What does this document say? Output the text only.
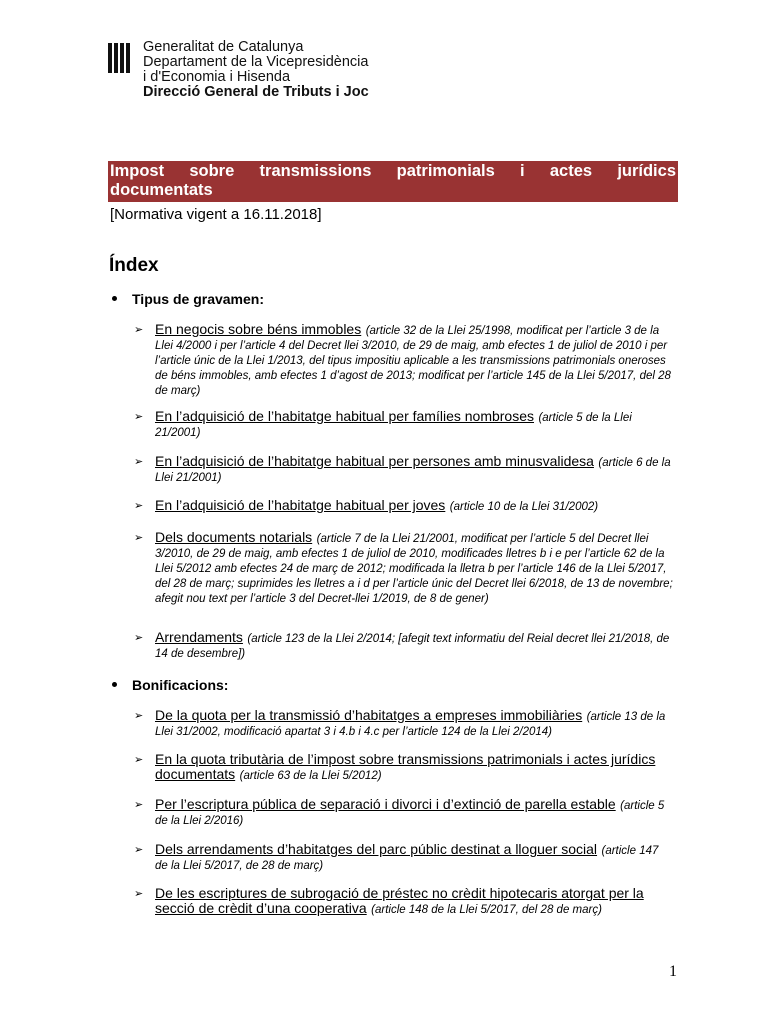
Generalitat de Catalunya
Departament de la Vicepresidència
i d'Economia i Hisenda
Direcció General de Tributs i Joc
Impost sobre transmissions patrimonials i actes jurídics
documentats
[Normativa vigent a 16.11.2018]
Índex
Tipus de gravamen:
➢ En negocis sobre béns immobles (article 32 de la Llei 25/1998, modificat per l’article 3 de la Llei 4/2000 i per l’article 4 del Decret llei 3/2010, de 29 de maig, amb efectes 1 de juliol de 2010 i per l’article únic de la Llei 1/2013, del tipus impositiu aplicable a les transmissions patrimonials oneroses de béns immobles, amb efectes 1 d’agost de 2013; modificat per l’article 145 de la Llei 5/2017, del 28 de març)
➢ En l’adquisició de l’habitatge habitual per famílies nombroses (article 5 de la Llei 21/2001)
➢ En l’adquisició de l’habitatge habitual per persones amb minusvalidesa (article 6 de la Llei 21/2001)
➢ En l’adquisició de l’habitatge habitual per joves (article 10 de la Llei 31/2002)
➢ Dels documents notarials (article 7 de la Llei 21/2001, modificat per l’article 5 del Decret llei 3/2010, de 29 de maig, amb efectes 1 de juliol de 2010, modificades lletres b i e per l’article 62 de la Llei 5/2012 amb efectes 24 de març de 2012; modificada la lletra b per l’article 146 de la Llei 5/2017, del 28 de març; suprimides les lletres a i d per l’article únic del Decret llei 6/2018, de 13 de novembre; afegit nou text per l’article 3 del Decret-llei 1/2019, de 8 de gener)
➢ Arrendaments (article 123 de la Llei 2/2014; [afegit text informatiu del Reial decret llei 21/2018, de 14 de desembre])
Bonificacions:
➢ De la quota per la transmissió d’habitatges a empreses immobiliàries (article 13 de la Llei 31/2002, modificació apartat 3 i 4.b i 4.c per l’article 124 de la Llei 2/2014)
➢ En la quota tributària de l’impost sobre transmissions patrimonials i actes jurídics documentats (article 63 de la Llei 5/2012)
➢ Per l’escriptura pública de separació i divorci i d’extinció de parella estable (article 5 de la Llei 2/2016)
➢ Dels arrendaments d’habitatges del parc públic destinat a lloguer social (article 147 de la Llei 5/2017, de 28 de març)
➢ De les escriptures de subrogació de préstec no crèdit hipotecaris atorgat per la secció de crèdit d’una cooperativa (article 148 de la Llei 5/2017, del 28 de març)
1
